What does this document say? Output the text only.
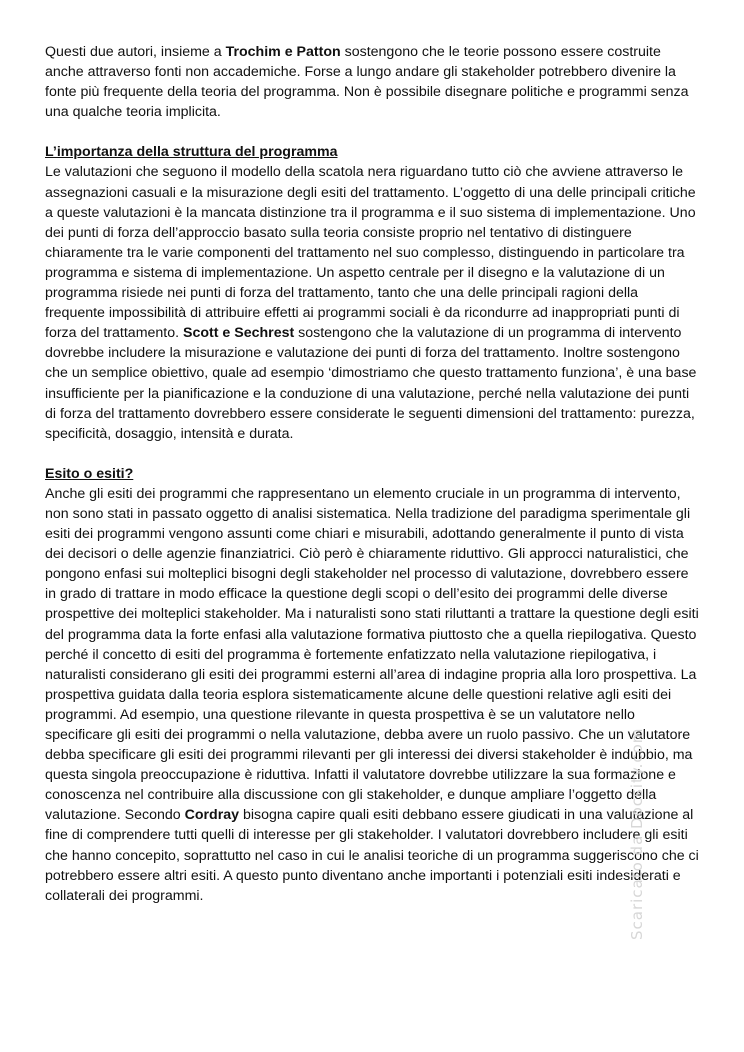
Questi due autori, insieme a Trochim e Patton sostengono che le teorie possono essere costruite anche attraverso fonti non accademiche. Forse a lungo andare gli stakeholder potrebbero divenire la fonte più frequente della teoria del programma. Non è possibile disegnare politiche e programmi senza una qualche teoria implicita.

L’importanza della struttura del programma

Le valutazioni che seguono il modello della scatola nera riguardano tutto ciò che avviene attraverso le assegnazioni casuali e la misurazione degli esiti del trattamento. L’oggetto di una delle principali critiche a queste valutazioni è la mancata distinzione tra il programma e il suo sistema di implementazione. Uno dei punti di forza dell’approccio basato sulla teoria consiste proprio nel tentativo di distinguere chiaramente tra le varie componenti del trattamento nel suo complesso, distinguendo in particolare tra programma e sistema di implementazione. Un aspetto centrale per il disegno e la valutazione di un programma risiede nei punti di forza del trattamento, tanto che una delle principali ragioni della frequente impossibilità di attribuire effetti ai programmi sociali è da ricondurre ad inappropriati punti di forza del trattamento. Scott e Sechrest sostengono che la valutazione di un programma di intervento dovrebbe includere la misurazione e valutazione dei punti di forza del trattamento. Inoltre sostengono che un semplice obiettivo, quale ad esempio ‘dimostriamo che questo trattamento funziona’, è una base insufficiente per la pianificazione e la conduzione di una valutazione, perché nella valutazione dei punti di forza del trattamento dovrebbero essere considerate le seguenti dimensioni del trattamento: purezza, specificità, dosaggio, intensità e durata.

Esito o esiti?

Anche gli esiti dei programmi che rappresentano un elemento cruciale in un programma di intervento, non sono stati in passato oggetto di analisi sistematica. Nella tradizione del paradigma sperimentale gli esiti dei programmi vengono assunti come chiari e misurabili, adottando generalmente il punto di vista dei decisori o delle agenzie finanziatrici. Ciò però è chiaramente riduttivo. Gli approcci naturalistici, che pongono enfasi sui molteplici bisogni degli stakeholder nel processo di valutazione, dovrebbero essere in grado di trattare in modo efficace la questione degli scopi o dell’esito dei programmi delle diverse prospettive dei molteplici stakeholder. Ma i naturalisti sono stati riluttanti a trattare la questione degli esiti del programma data la forte enfasi alla valutazione formativa piuttosto che a quella riepilogativa. Questo perché il concetto di esiti del programma è fortemente enfatizzato nella valutazione riepilogativa, i naturalisti considerano gli esiti dei programmi esterni all’area di indagine propria alla loro prospettiva. La prospettiva guidata dalla teoria esplora sistematicamente alcune delle questioni relative agli esiti dei programmi. Ad esempio, una questione rilevante in questa prospettiva è se un valutatore nello specificare gli esiti dei programmi o nella valutazione, debba avere un ruolo passivo. Che un valutatore debba specificare gli esiti dei programmi rilevanti per gli interessi dei diversi stakeholder è indubbio, ma questa singola preoccupazione è riduttiva. Infatti il valutatore dovrebbe utilizzare la sua formazione e conoscenza nel contribuire alla discussione con gli stakeholder, e dunque ampliare l’oggetto della valutazione. Secondo Cordray bisogna capire quali esiti debbano essere giudicati in una valutazione al fine di comprendere tutti quelli di interesse per gli stakeholder. I valutatori dovrebbero includere gli esiti che hanno concepito, soprattutto nel caso in cui le analisi teoriche di un programma suggeriscono che ci potrebbero essere altri esiti. A questo punto diventano anche importanti i potenziali esiti indesiderati e collaterali dei programmi.	Scaricato da Docsity.com
